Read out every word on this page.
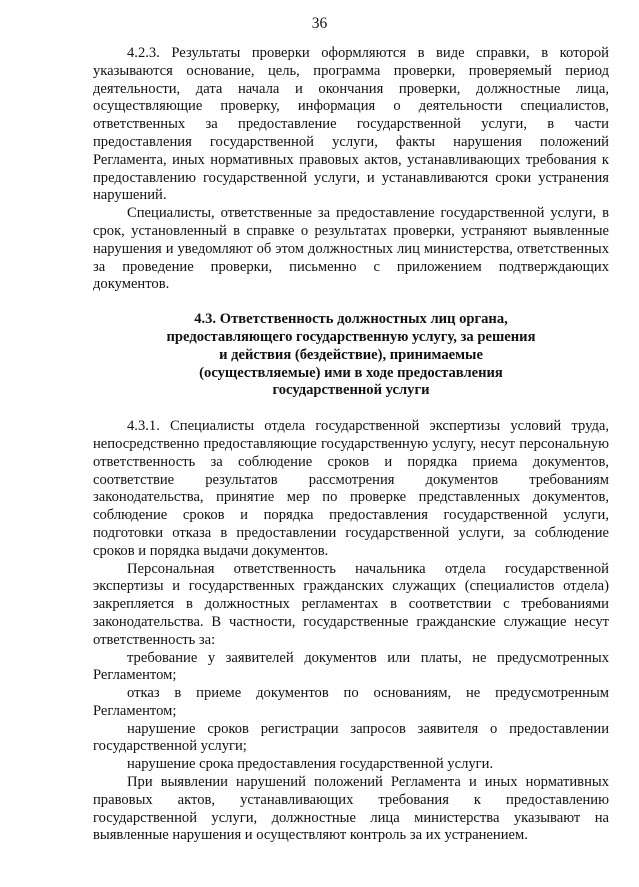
36

4.2.3. Результаты проверки оформляются в виде справки, в которой указываются основание, цель, программа проверки, проверяемый период деятельности, дата начала и окончания проверки, должностные лица, осуществляющие проверку, информация о деятельности специалистов, ответственных за предоставление государственной услуги, в части предоставления государственной услуги, факты нарушения положений Регламента, иных нормативных правовых актов, устанавливающих требования к предоставлению государственной услуги, и устанавливаются сроки устранения нарушений.

Специалисты, ответственные за предоставление государственной услуги, в срок, установленный в справке о результатах проверки, устраняют выявленные нарушения и уведомляют об этом должностных лиц министерства, ответственных за проведение проверки, письменно с приложением подтверждающих документов.

4.3. Ответственность должностных лиц органа,
предоставляющего государственную услугу, за решения
и действия (бездействие), принимаемые
(осуществляемые) ими в ходе предоставления
государственной услуги

4.3.1. Специалисты отдела государственной экспертизы условий труда, непосредственно предоставляющие государственную услугу, несут персональную ответственность за соблюдение сроков и порядка приема документов, соответствие результатов рассмотрения документов требованиям законодательства, принятие мер по проверке представленных документов, соблюдение сроков и порядка предоставления государственной услуги, подготовки отказа в предоставлении государственной услуги, за соблюдение сроков и порядка выдачи документов.

Персональная ответственность начальника отдела государственной экспертизы и государственных гражданских служащих (специалистов отдела) закрепляется в должностных регламентах в соответствии с требованиями законодательства. В частности, государственные гражданские служащие несут ответственность за:

требование у заявителей документов или платы, не предусмотренных Регламентом;

отказ в приеме документов по основаниям, не предусмотренным Регламентом;

нарушение сроков регистрации запросов заявителя о предоставлении государственной услуги;

нарушение срока предоставления государственной услуги.

При выявлении нарушений положений Регламента и иных нормативных правовых актов, устанавливающих требования к предоставлению государственной услуги, должностные лица министерства указывают на выявленные нарушения и осуществляют контроль за их устранением.
